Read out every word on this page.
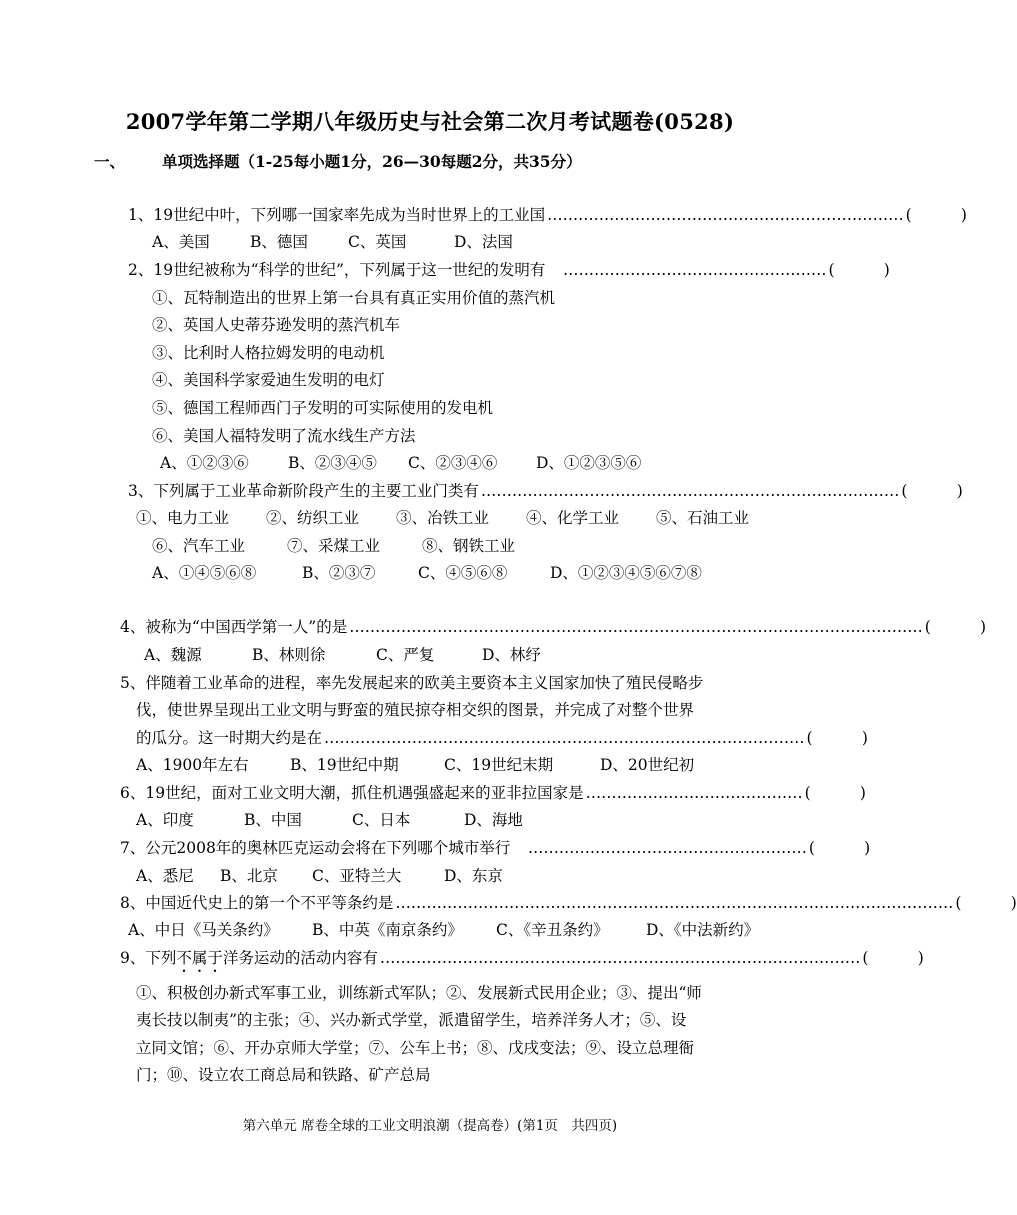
2007学年第二学期八年级历史与社会第二次月考试题卷(0528)
一、 单项选择题（1-25每小题1分，26—30每题2分，共35分）
1、19世纪中叶，下列哪一国家率先成为当时世界上的工业国 …………………………………………………………… (          )
A、美国	B、德国	C、英国	D、法国
2、19世纪被称为“科学的世纪”，下列属于这一世纪的发明有 　…………………………………………… (          )
①、瓦特制造出的世界上第一台具有真正实用价值的蒸汽机
②、英国人史蒂芬逊发明的蒸汽机车
③、比利时人格拉姆发明的电动机
④、美国科学家爱迪生发明的电灯
⑤、德国工程师西门子发明的可实际使用的发电机
⑥、美国人福特发明了流水线生产方法
A、①②③⑥	B、②③④⑤ C、②③④⑥ D、①②③⑤⑥
3、下列属于工业革命新阶段产生的主要工业门类有 ……………………………………………………………………… (          )
①、电力工业 ②、纺织工业 ③、冶铁工业 ④、化学工业 ⑤、石油工业
⑥、汽车工业	⑦、采煤工业	⑧、钢铁工业
A、①④⑤⑥⑧	B、②③⑦	C、④⑤⑥⑧	D、①②③④⑤⑥⑦⑧
4、被称为“中国西学第一人”的是 ………………………………………………………………………………………………… (          )
A、魏源	B、林则徐	C、严复	D、林纾
5、伴随着工业革命的进程，率先发展起来的欧美主要资本主义国家加快了殖民侵略步
伐，使世界呈现出工业文明与野蛮的殖民掠夺相交织的图景，并完成了对整个世界
的瓜分。这一时期大约是在 ………………………………………………………………………………… (          )
A、1900年左右	B、19世纪中期	C、19世纪末期	D、20世纪初
6、19世纪，面对工业文明大潮，抓住机遇强盛起来的亚非拉国家是 …………………………………… (          )
A、印度	B、中国	C、日本	D、海地
7、公元2008年的奥林匹克运动会将在下列哪个城市举行 　……………………………………………… (          )
A、悉尼 B、北京 C、亚特兰大	D、东京
8、中国近代史上的第一个不平等条约是 ……………………………………………………………………………………………… (          )
A、中日《马关条约》 B、中英《南京条约》 C、《辛丑条约》 D、《中法新约》
9、下列不属于洋务运动的活动内容有 ………………………………………………………………………………… (          )
①、积极创办新式军事工业，训练新式军队；②、发展新式民用企业；③、提出“师
夷长技以制夷”的主张；④、兴办新式学堂，派遣留学生，培养洋务人才；⑤、设
立同文馆；⑥、开办京师大学堂；⑦、公车上书；⑧、戊戌变法；⑨、设立总理衙
门；⑩、设立农工商总局和铁路、矿产总局
第六单元 席卷全球的工业文明浪潮（提高卷）(第1页　共四页)
